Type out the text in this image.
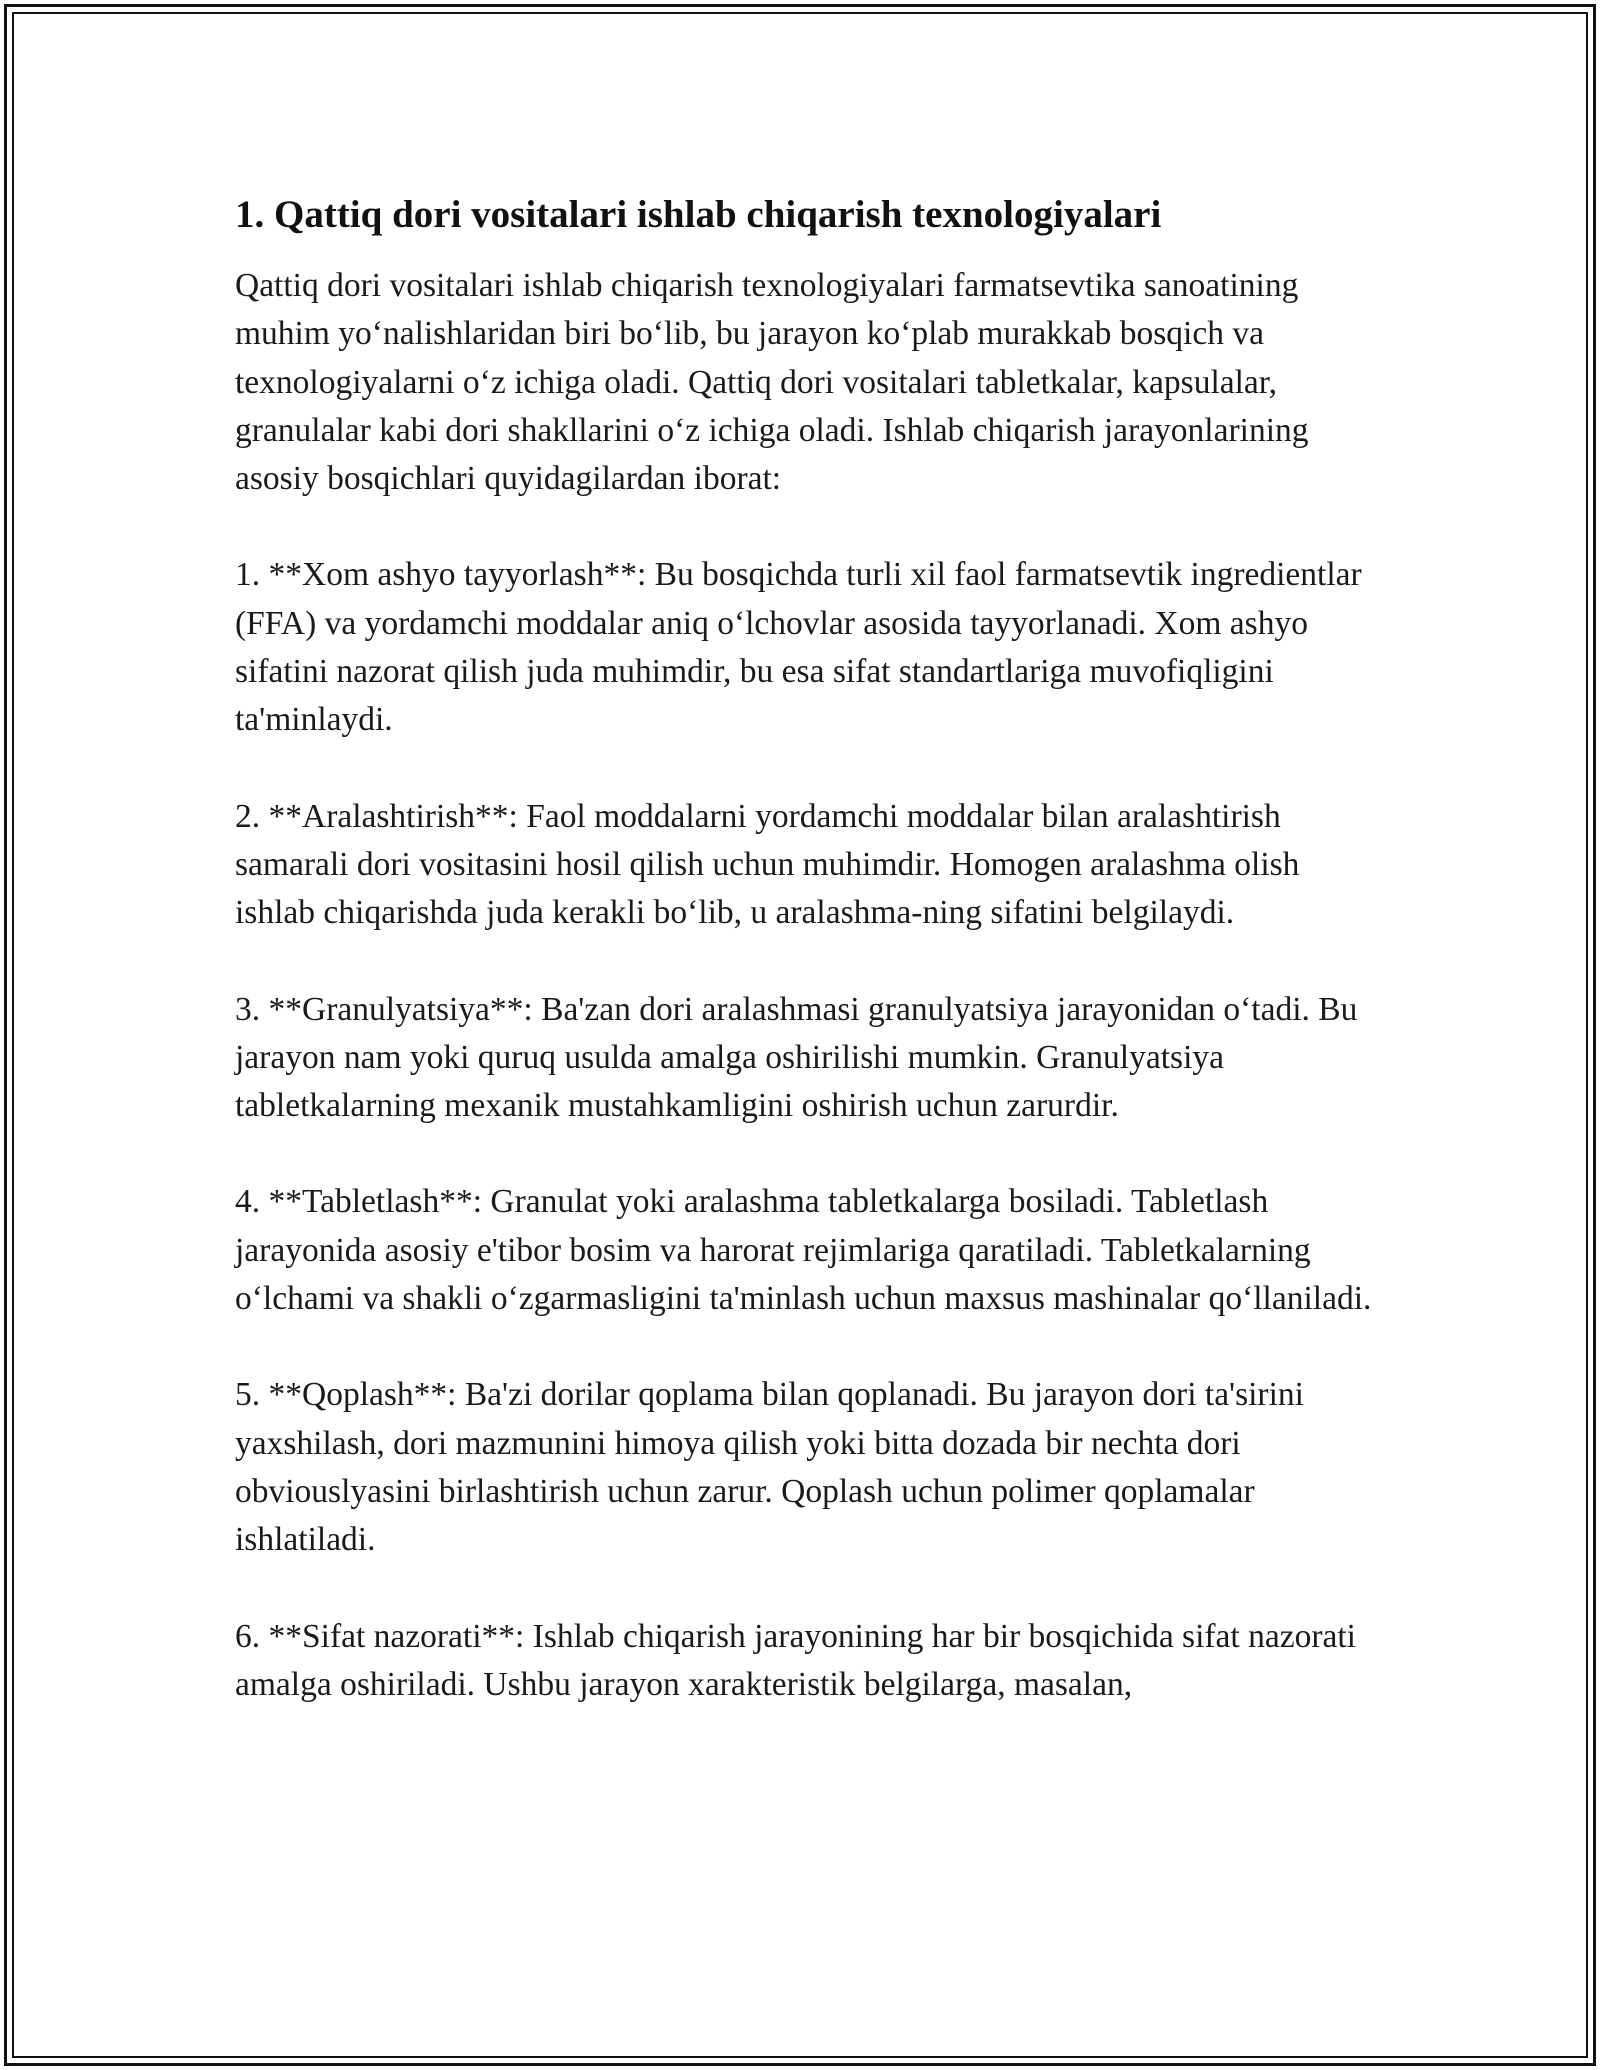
1. Qattiq dori vositalari ishlab chiqarish texnologiyalari

Qattiq dori vositalari ishlab chiqarish texnologiyalari farmatsevtika sanoatining muhim yo‘nalishlaridan biri bo‘lib, bu jarayon ko‘plab murakkab bosqich va texnologiyalarni o‘z ichiga oladi. Qattiq dori vositalari tabletkalar, kapsulalar, granulalar kabi dori shakllarini o‘z ichiga oladi. Ishlab chiqarish jarayonlarining asosiy bosqichlari quyidagilardan iborat:

1. **Xom ashyo tayyorlash**: Bu bosqichda turli xil faol farmatsevtik ingredientlar (FFA) va yordamchi moddalar aniq o‘lchovlar asosida tayyorlanadi. Xom ashyo sifatini nazorat qilish juda muhimdir, bu esa sifat standartlariga muvofiqligini ta'minlaydi.

2. **Aralashtirish**: Faol moddalarni yordamchi moddalar bilan aralashtirish samarali dori vositasini hosil qilish uchun muhimdir. Homogen aralashma olish ishlab chiqarishda juda kerakli bo‘lib, u aralashma-ning sifatini belgilaydi.

3. **Granulyatsiya**: Ba'zan dori aralashmasi granulyatsiya jarayonidan o‘tadi. Bu jarayon nam yoki quruq usulda amalga oshirilishi mumkin. Granulyatsiya tabletkalarning mexanik mustahkamligini oshirish uchun zarurdir.

4. **Tabletlash**: Granulat yoki aralashma tabletkalarga bosiladi. Tabletlash jarayonida asosiy e'tibor bosim va harorat rejimlariga qaratiladi. Tabletkalarning o‘lchami va shakli o‘zgarmasligini ta'minlash uchun maxsus mashinalar qo‘llaniladi.

5. **Qoplash**: Ba'zi dorilar qoplama bilan qoplanadi. Bu jarayon dori ta'sirini yaxshilash, dori mazmunini himoya qilish yoki bitta dozada bir nechta dori obviouslyasini birlashtirish uchun zarur. Qoplash uchun polimer qoplamalar ishlatiladi.

6. **Sifat nazorati**: Ishlab chiqarish jarayonining har bir bosqichida sifat nazorati amalga oshiriladi. Ushbu jarayon xarakteristik belgilarga, masalan,
